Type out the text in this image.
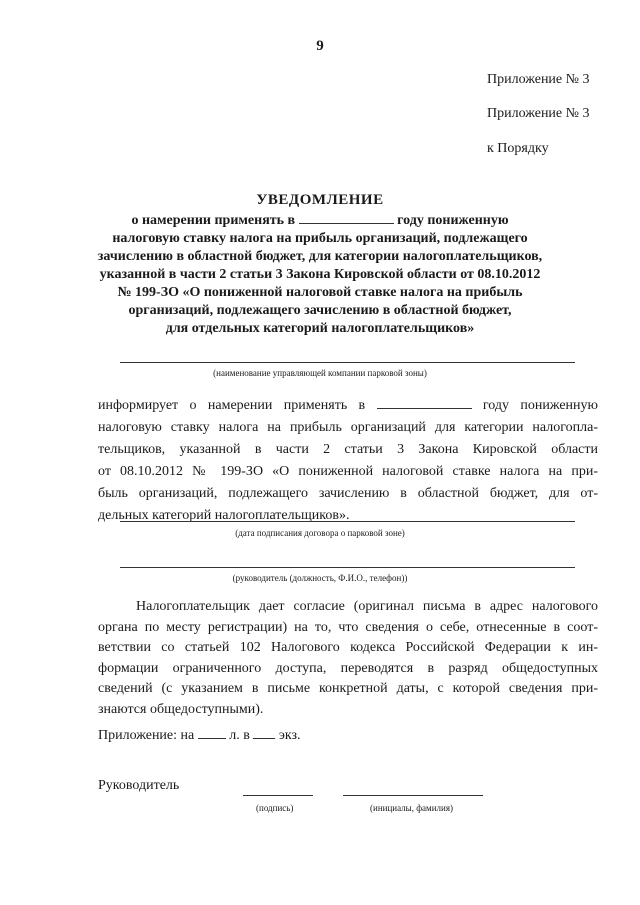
9
Приложение № 3
Приложение № 3
к Порядку
УВЕДОМЛЕНИЕ
о намерении применять в	году пониженную
налоговую ставку налога на прибыль организаций, подлежащего
зачислению в областной бюджет, для категории налогоплательщиков,
указанной в части 2 статьи 3 Закона Кировской области от 08.10.2012
№ 199-ЗО «О пониженной налоговой ставке налога на прибыль
организаций, подлежащего зачислению в областной бюджет,
для отдельных категорий налогоплательщиков»
(наименование управляющей компании парковой зоны)
информирует о намерении применять в	году пониженную
налоговую ставку налога на прибыль организаций для категории налогопла-
тельщиков, указанной в части 2 статьи 3 Закона Кировской области
от 08.10.2012 № 199-ЗО «О пониженной налоговой ставке налога на при-
быль организаций, подлежащего зачислению в областной бюджет, для от-
дельных категорий налогоплательщиков».
(дата подписания договора о парковой зоне)
(руководитель (должность, Ф.И.О., телефон))
Налогоплательщик дает согласие (оригинал письма в адрес налогового
органа по месту регистрации) на то, что сведения о себе, отнесенные в соот-
ветствии со статьей 102 Налогового кодекса Российской Федерации к ин-
формации ограниченного доступа, переводятся в разряд общедоступных
сведений (с указанием в письме конкретной даты, с которой сведения при-
знаются общедоступными).
Приложение: на	л. в экз.
Руководитель
(подпись)	(инициалы, фамилия)
